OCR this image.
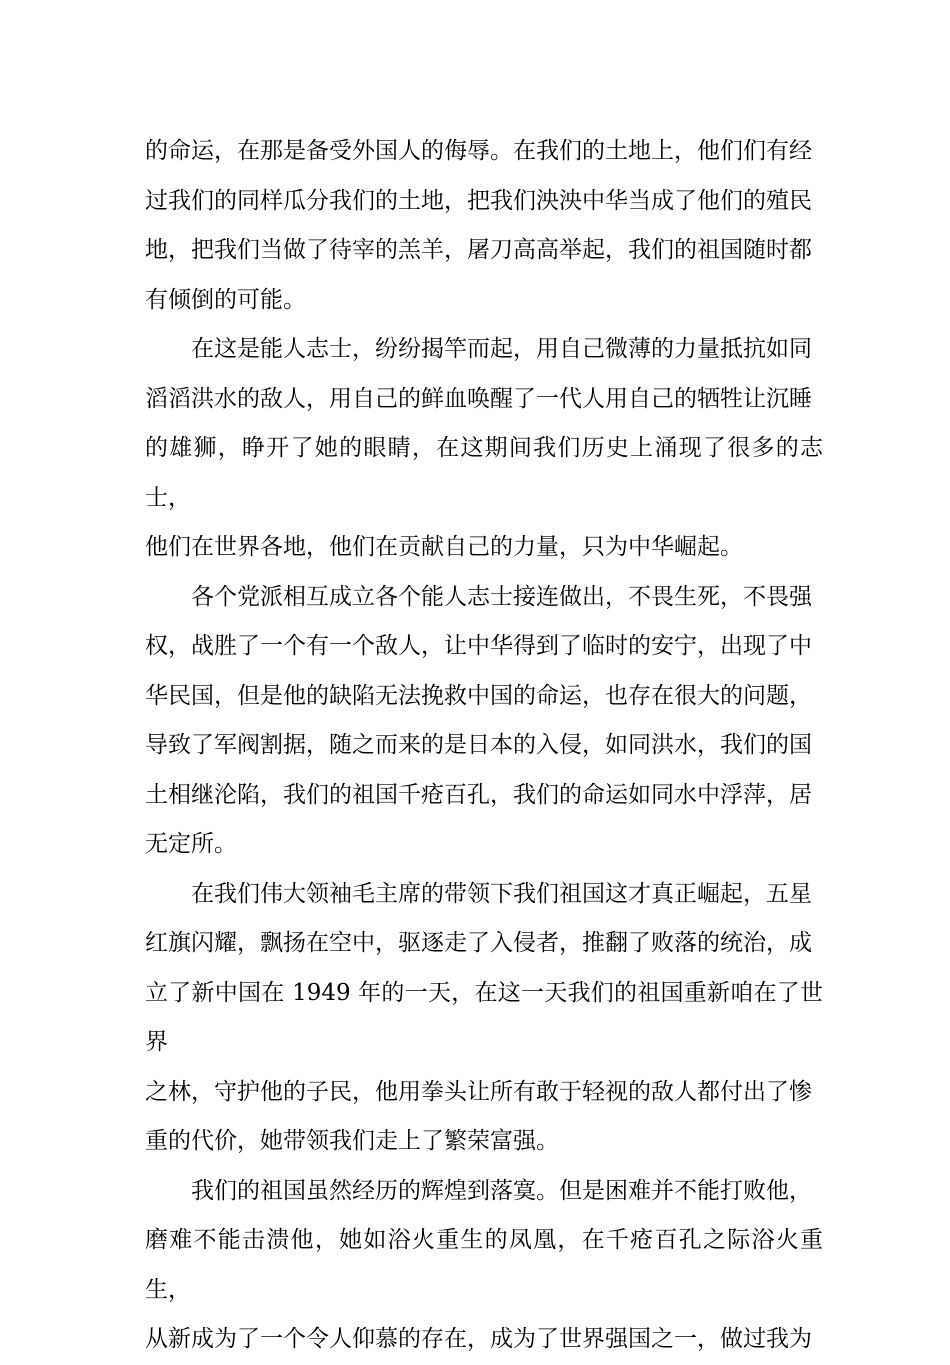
的命运，在那是备受外国人的侮辱。在我们的土地上，他们们有经
过我们的同样瓜分我们的土地，把我们泱泱中华当成了他们的殖民
地，把我们当做了待宰的羔羊，屠刀高高举起，我们的祖国随时都
有倾倒的可能。

在这是能人志士，纷纷揭竿而起，用自己微薄的力量抵抗如同
滔滔洪水的敌人，用自己的鲜血唤醒了一代人用自己的牺牲让沉睡
的雄狮，睁开了她的眼睛，在这期间我们历史上涌现了很多的志士，
他们在世界各地，他们在贡献自己的力量，只为中华崛起。

各个党派相互成立各个能人志士接连做出，不畏生死，不畏强
权，战胜了一个有一个敌人，让中华得到了临时的安宁，出现了中
华民国，但是他的缺陷无法挽救中国的命运，也存在很大的问题，
导致了军阀割据，随之而来的是日本的入侵，如同洪水，我们的国
土相继沦陷，我们的祖国千疮百孔，我们的命运如同水中浮萍，居
无定所。

在我们伟大领袖毛主席的带领下我们祖国这才真正崛起，五星
红旗闪耀，飘扬在空中，驱逐走了入侵者，推翻了败落的统治，成
立了新中国在 1949 年的一天，在这一天我们的祖国重新咱在了世界
之林，守护他的子民，他用拳头让所有敢于轻视的敌人都付出了惨
重的代价，她带领我们走上了繁荣富强。

我们的祖国虽然经历的辉煌到落寞。但是困难并不能打败他，
磨难不能击溃他，她如浴火重生的凤凰，在千疮百孔之际浴火重生，
从新成为了一个令人仰慕的存在，成为了世界强国之一，做过我为
